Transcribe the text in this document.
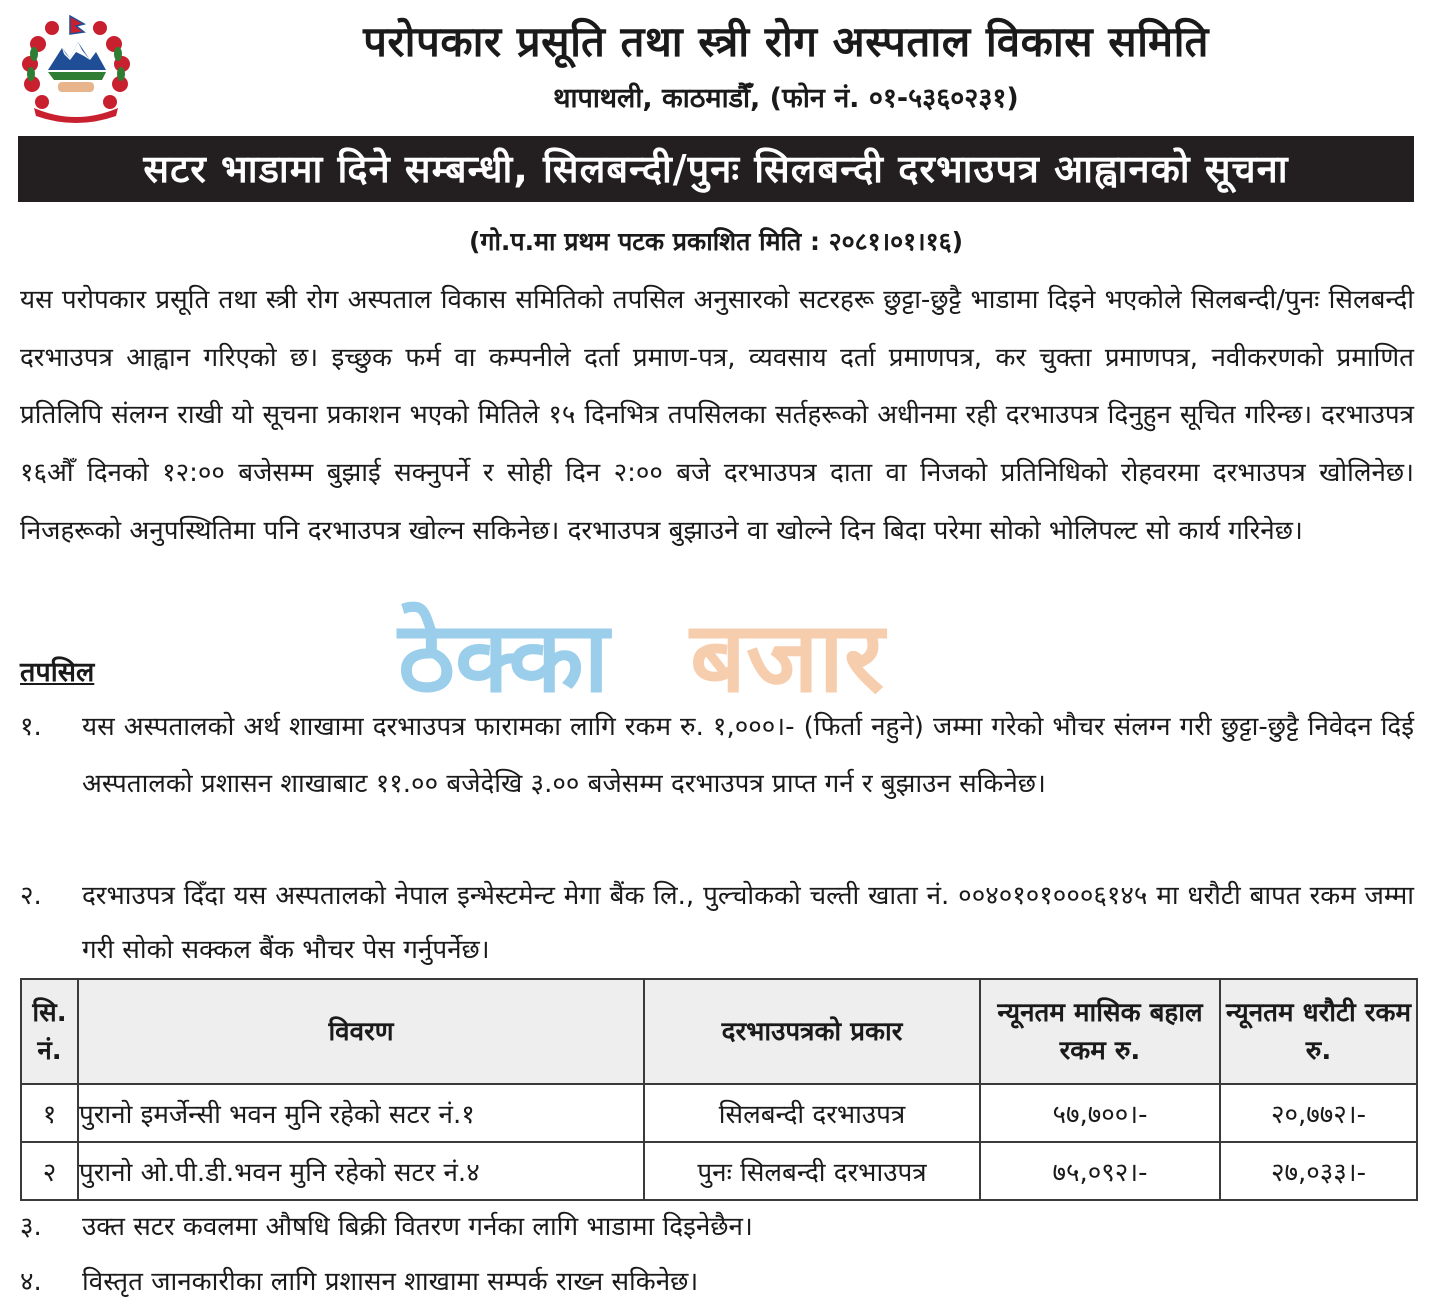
परोपकार प्रसूति तथा स्त्री रोग अस्पताल विकास समिति
थापाथली, काठमाडौँ, (फोन नं. ०१-५३६०२३१)
सटर भाडामा दिने सम्बन्धी, सिलबन्दी/पुनः सिलबन्दी दरभाउपत्र आह्वानको सूचना
(गो.प.मा प्रथम पटक प्रकाशित मिति : २०८१।०१।१६)
यस परोपकार प्रसूति तथा स्त्री रोग अस्पताल विकास समितिको तपसिल अनुसारको सटरहरू छुट्टा-छुट्टै भाडामा दिइने भएकोले सिलबन्दी/पुनः सिलबन्दी दरभाउपत्र आह्वान गरिएको छ। इच्छुक फर्म वा कम्पनीले दर्ता प्रमाण-पत्र, व्यवसाय दर्ता प्रमाणपत्र, कर चुक्ता प्रमाणपत्र, नवीकरणको प्रमाणित प्रतिलिपि संलग्न राखी यो सूचना प्रकाशन भएको मितिले १५ दिनभित्र तपसिलका सर्तहरूको अधीनमा रही दरभाउपत्र दिनुहुन सूचित गरिन्छ। दरभाउपत्र १६औँ दिनको १२:०० बजेसम्म बुझाई सक्नुपर्ने र सोही दिन २:०० बजे दरभाउपत्र दाता वा निजको प्रतिनिधिको रोहवरमा दरभाउपत्र खोलिनेछ। निजहरूको अनुपस्थितिमा पनि दरभाउपत्र खोल्न सकिनेछ। दरभाउपत्र बुझाउने वा खोल्ने दिन बिदा परेमा सोको भोलिपल्ट सो कार्य गरिनेछ।
ठेक्का बजार
तपसिल
१.	यस अस्पतालको अर्थ शाखामा दरभाउपत्र फारामका लागि रकम रु. १,०००।- (फिर्ता नहुने) जम्मा गरेको भौचर संलग्न गरी छुट्टा-छुट्टै निवेदन दिई अस्पतालको प्रशासन शाखाबाट ११.०० बजेदेखि ३.०० बजेसम्म दरभाउपत्र प्राप्त गर्न र बुझाउन सकिनेछ।
२.	दरभाउपत्र दिँदा यस अस्पतालको नेपाल इन्भेस्टमेन्ट मेगा बैंक लि., पुल्चोकको चल्ती खाता नं. ००४०१०१०००६१४५ मा धरौटी बापत रकम जम्मा गरी सोको सक्कल बैंक भौचर पेस गर्नुपर्नेछ।
सि. नं.	विवरण	दरभाउपत्रको प्रकार	न्यूनतम मासिक बहाल रकम रु.	न्यूनतम धरौटी रकम रु.
१	पुरानो इमर्जेन्सी भवन मुनि रहेको सटर नं.१	सिलबन्दी दरभाउपत्र	५७,७००।-	२०,७७२।-
२	पुरानो ओ.पी.डी.भवन मुनि रहेको सटर नं.४	पुनः सिलबन्दी दरभाउपत्र	७५,०९२।-	२७,०३३।-
३.	उक्त सटर कवलमा औषधि बिक्री वितरण गर्नका लागि भाडामा दिइनेछैन।
४.	विस्तृत जानकारीका लागि प्रशासन शाखामा सम्पर्क राख्न सकिनेछ।
